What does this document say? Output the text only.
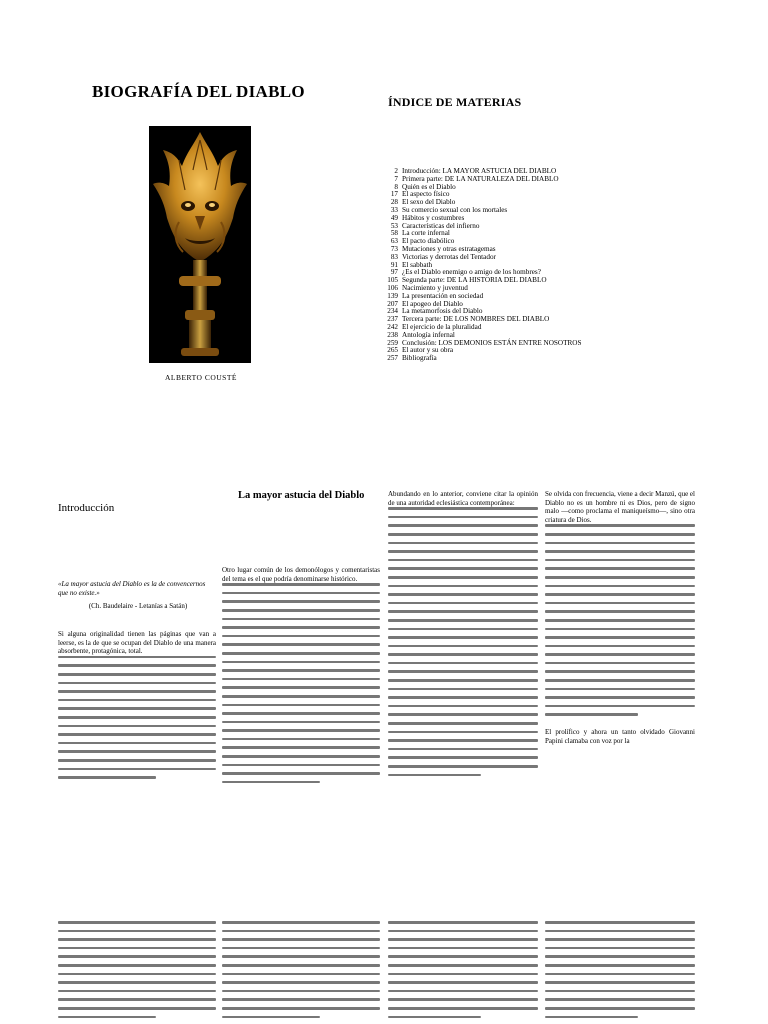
BIOGRAFÍA DEL DIABLO
ALBERTO COUSTÉ
ÍNDICE DE MATERIAS
2 Introducción: LA MAYOR ASTUCIA DEL DIABLO
7 Primera parte: DE LA NATURALEZA DEL DIABLO
8 Quién es el Diablo
17 El aspecto físico
28 El sexo del Diablo
33 Su comercio sexual con los mortales
49 Hábitos y costumbres
53 Características del infierno
58 La corte infernal
63 El pacto diabólico
73 Mutaciones y otras estratagemas
83 Victorias y derrotas del Tentador
91 El sabbath
97 ¿Es el Diablo enemigo o amigo de los hombres?
105 Segunda parte: DE LA HISTORIA DEL DIABLO
106 Nacimiento y juventud
139 La presentación en sociedad
207 El apogeo del Diablo
234 La metamorfosis del Diablo
237 Tercera parte: DE LOS NOMBRES DEL DIABLO
242 El ejercicio de la pluralidad
238 Antología infernal
259 Conclusión: LOS DEMONIOS ESTÁN ENTRE NOSOTROS
265 El autor y su obra
257 Bibliografía
Introducción
La mayor astucia del Diablo
«La mayor astucia del Diablo es la de convencernos que no existe.»
(Ch. Baudelaire - Letanías a Satán)

Si alguna originalidad tienen las páginas que van a leerse, es la de que se ocupan del Diablo de una manera absorbente, protagónica, total.

Otro lugar común de los demonólogos y comentaristas del tema es el que podría denominarse histórico.

Abundando en lo anterior, conviene citar la opinión de una autoridad eclesiástica contemporánea:

Se olvida con frecuencia, viene a decir Manzú, que el Diablo no es un hombre ni es Dios, pero de signo malo —como proclama el maniqueísmo—, sino otra criatura de Dios.

El prolífico y ahora un tanto olvidado Giovanni Papini clamaba con voz por la
